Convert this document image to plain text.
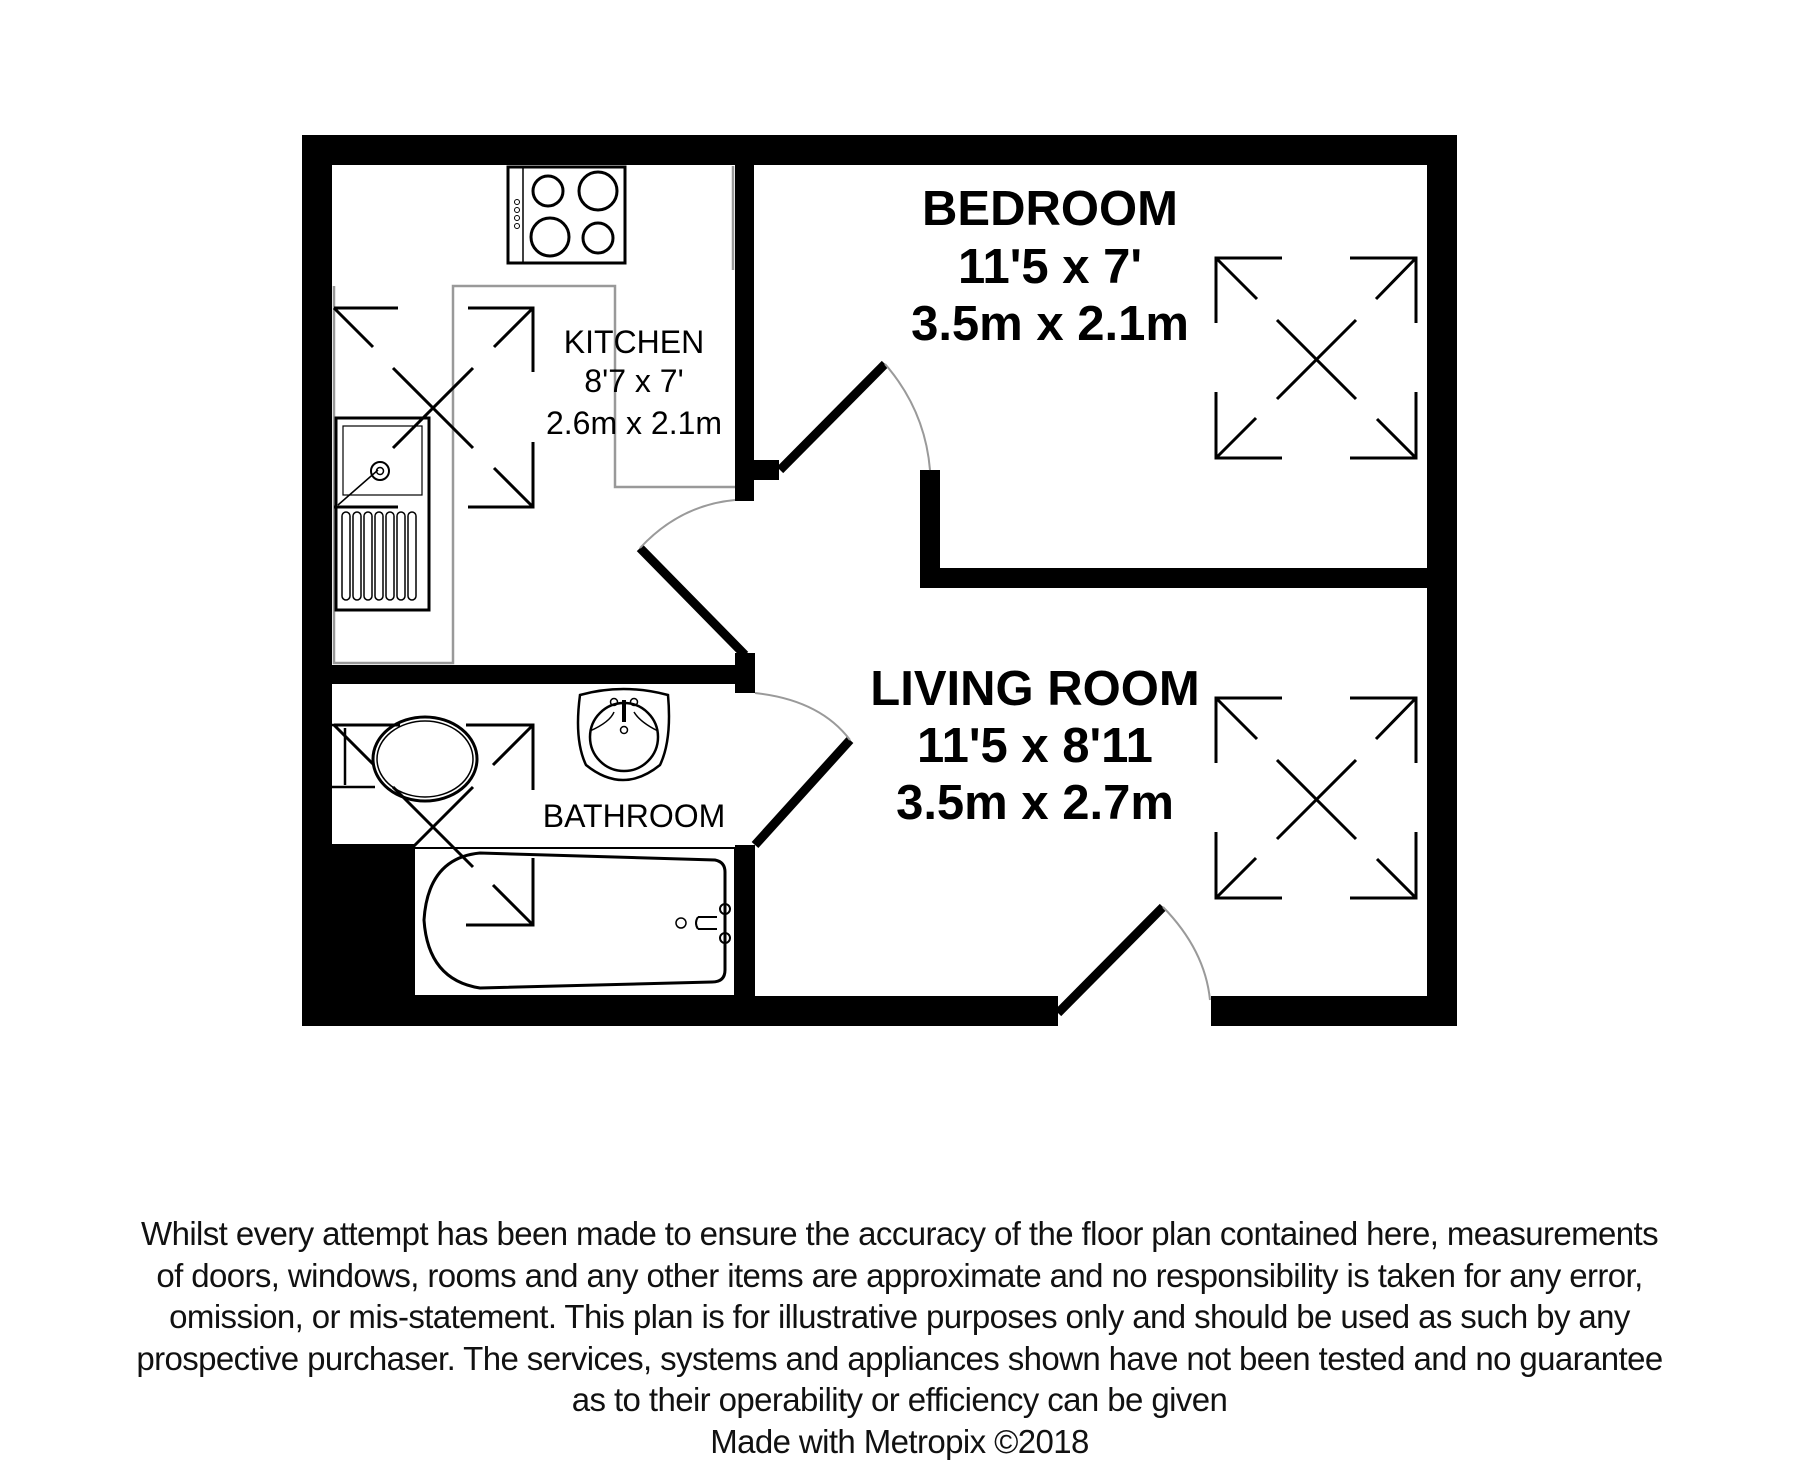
KITCHEN
8'7 x 7'
2.6m x 2.1m
BEDROOM
11'5 x 7'
3.5m x 2.1m
LIVING ROOM
11'5 x 8'11
3.5m x 2.7m
BATHROOM
Whilst every attempt has been made to ensure the accuracy of the floor plan contained here, measurements
of doors, windows, rooms and any other items are approximate and no responsibility is taken for any error,
omission, or mis-statement. This plan is for illustrative purposes only and should be used as such by any
prospective purchaser. The services, systems and appliances shown have not been tested and no guarantee
as to their operability or efficiency can be given
Made with Metropix ©2018
